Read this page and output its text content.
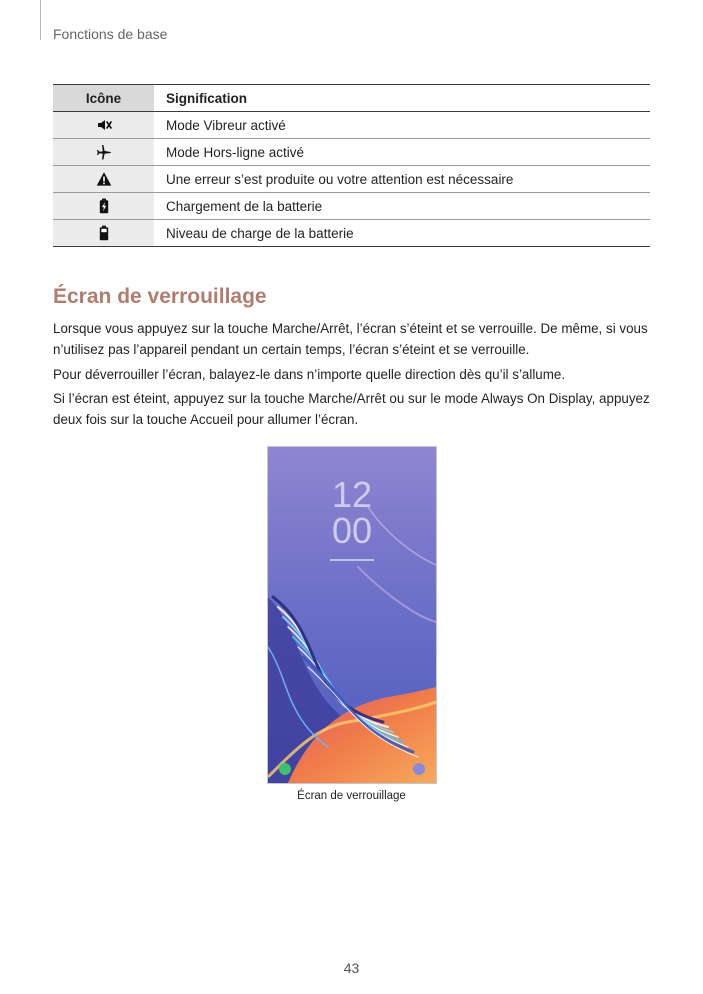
Fonctions de base
Icône	Signification

	Mode Vibreur activé

	Mode Hors-ligne activé

	Une erreur s’est produite ou votre attention est nécessaire

	Chargement de la batterie

	Niveau de charge de la batterie
Écran de verrouillage

Lorsque vous appuyez sur la touche Marche/Arrêt, l’écran s’éteint et se verrouille. De même, si vous n’utilisez pas l’appareil pendant un certain temps, l’écran s’éteint et se verrouille.

Pour déverrouiller l’écran, balayez-le dans n’importe quelle direction dès qu’il s’allume.

Si l’écran est éteint, appuyez sur la touche Marche/Arrêt ou sur le mode Always On Display, appuyez deux fois sur la touche Accueil pour allumer l’écran.

12
00
Écran de verrouillage
43
